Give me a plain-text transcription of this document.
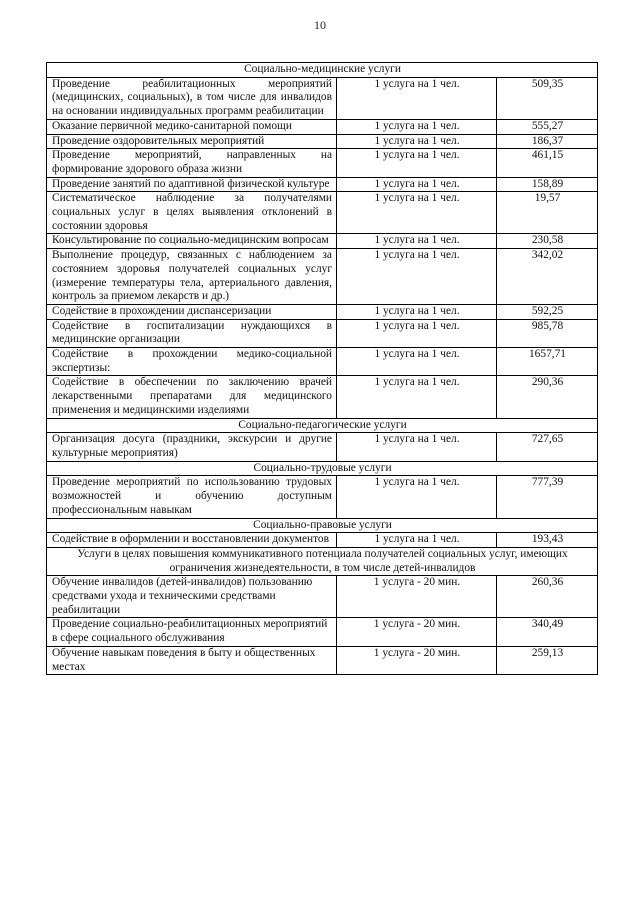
10
Социально-медицинские услуги		
Проведение реабилитационных мероприятий (медицинских, социальных), в том числе для инвалидов на основании индивидуальных программ реабилитации	1 услуга на 1 чел.	509,35
Оказание первичной медико-санитарной помощи	1 услуга на 1 чел.	555,27
Проведение оздоровительных мероприятий	1 услуга на 1 чел.	186,37
Проведение мероприятий, направленных на формирование здорового образа жизни	1 услуга на 1 чел.	461,15
Проведение занятий по адаптивной физической культуре	1 услуга на 1 чел.	158,89
Систематическое наблюдение за получателями социальных услуг в целях выявления отклонений в состоянии здоровья	1 услуга на 1 чел.	19,57
Консультирование по социально-медицинским вопросам	1 услуга на 1 чел.	230,58
Выполнение процедур, связанных с наблюдением за состоянием здоровья получателей социальных услуг (измерение температуры тела, артериального давления, контроль за приемом лекарств и др.)	1 услуга на 1 чел.	342,02
Содействие в прохождении диспансеризации	1 услуга на 1 чел.	592,25
Содействие в госпитализации нуждающихся в медицинские организации	1 услуга на 1 чел.	985,78
Содействие в прохождении медико-социальной экспертизы:	1 услуга на 1 чел.	1657,71
Содействие в обеспечении по заключению врачей лекарственными препаратами для медицинского применения и медицинскими изделиями	1 услуга на 1 чел.	290,36
Социально-педагогические услуги		
Организация досуга (праздники, экскурсии и другие культурные мероприятия)	1 услуга на 1 чел.	727,65
Социально-трудовые услуги		
Проведение мероприятий по использованию трудовых возможностей и обучению доступным профессиональным навыкам	1 услуга на 1 чел.	777,39
Социально-правовые услуги		
Содействие в оформлении и восстановлении документов	1 услуга на 1 чел.	193,43
Услуги в целях повышения коммуникативного потенциала получателей социальных услуг, имеющих ограничения жизнедеятельности, в том числе детей-инвалидов		
Обучение инвалидов (детей-инвалидов) пользованию средствами ухода и техническими средствами реабилитации	1 услуга - 20 мин.	260,36
Проведение социально-реабилитационных мероприятий в сфере социального обслуживания	1 услуга - 20 мин.	340,49
Обучение навыкам поведения в быту и общественных местах	1 услуга - 20 мин.	259,13
